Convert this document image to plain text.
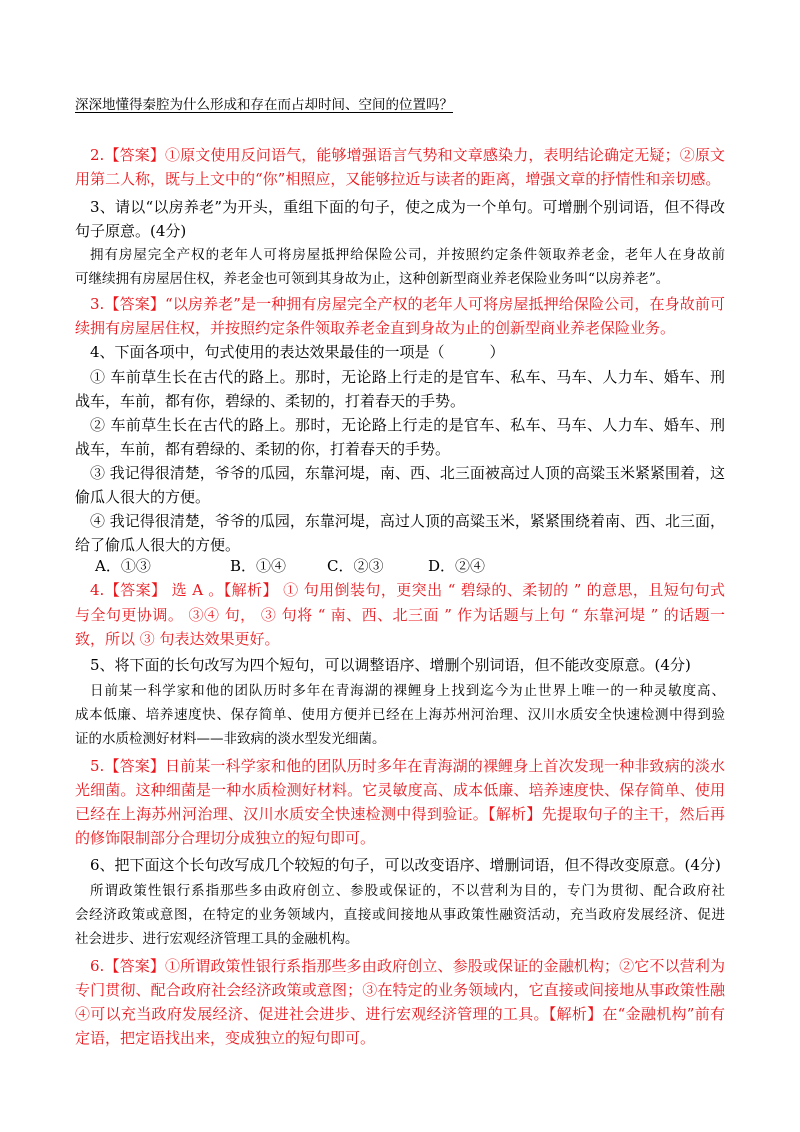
深深地懂得秦腔为什么形成和存在而占却时间、空间的位置吗？
2.【答案】①原文使用反问语气，能够增强语言气势和文章感染力，表明结论确定无疑；②原文
用第二人称，既与上文中的“你”相照应，又能够拉近与读者的距离，增强文章的抒情性和亲切感。
3、请以“以房养老”为开头，重组下面的句子，使之成为一个单句。可增删个别词语，但不得改
句子原意。(4分)
拥有房屋完全产权的老年人可将房屋抵押给保险公司，并按照约定条件领取养老金，老年人在身故前
可继续拥有房屋居住权，养老金也可领到其身故为止，这种创新型商业养老保险业务叫“以房养老”。
3.【答案】“以房养老”是一种拥有房屋完全产权的老年人可将房屋抵押给保险公司，在身故前可
续拥有房屋居住权，并按照约定条件领取养老金直到身故为止的创新型商业养老保险业务。
4、下面各项中，句式使用的表达效果最佳的一项是（　　　）
① 车前草生长在古代的路上。那时，无论路上行走的是官车、私车、马车、人力车、婚车、刑
战车，车前，都有你，碧绿的、柔韧的，打着春天的手势。
② 车前草生长在古代的路上。那时，无论路上行走的是官车、私车、马车、人力车、婚车、刑
战车，车前，都有碧绿的、柔韧的你，打着春天的手势。
③ 我记得很清楚，爷爷的瓜园，东靠河堤，南、西、北三面被高过人顶的高粱玉米紧紧围着，这
偷瓜人很大的方便。
④ 我记得很清楚，爷爷的瓜园，东靠河堤，高过人顶的高粱玉米，紧紧围绕着南、西、北三面，
给了偷瓜人很大的方便。
A．①③	B．①④	C．②③	D．②④
4.【答案】 选 A 。【解析】 ① 句用倒装句，更突出 “ 碧绿的、柔韧的 ” 的意思，且短句句式
与全句更协调。 ③④ 句， ③ 句将 “ 南、西、北三面 ” 作为话题与上句 “ 东靠河堤 ” 的话题一
致，所以 ③ 句表达效果更好。
5、将下面的长句改写为四个短句，可以调整语序、增删个别词语，但不能改变原意。(4分)
日前某一科学家和他的团队历时多年在青海湖的裸鲤身上找到迄今为止世界上唯一的一种灵敏度高、
成本低廉、培养速度快、保存简单、使用方便并已经在上海苏州河治理、汉川水质安全快速检测中得到验
证的水质检测好材料——非致病的淡水型发光细菌。
5.【答案】日前某一科学家和他的团队历时多年在青海湖的裸鲤身上首次发现一种非致病的淡水
光细菌。这种细菌是一种水质检测好材料。它灵敏度高、成本低廉、培养速度快、保存简单、使用
已经在上海苏州河治理、汉川水质安全快速检测中得到验证。【解析】先提取句子的主干，然后再
的修饰限制部分合理切分成独立的短句即可。
6、把下面这个长句改写成几个较短的句子，可以改变语序、增删词语，但不得改变原意。(4分)
所谓政策性银行系指那些多由政府创立、参股或保证的，不以营利为目的，专门为贯彻、配合政府社
会经济政策或意图，在特定的业务领域内，直接或间接地从事政策性融资活动，充当政府发展经济、促进
社会进步、进行宏观经济管理工具的金融机构。
6.【答案】①所谓政策性银行系指那些多由政府创立、参股或保证的金融机构；②它不以营利为
专门贯彻、配合政府社会经济政策或意图；③在特定的业务领域内，它直接或间接地从事政策性融
④可以充当政府发展经济、促进社会进步、进行宏观经济管理的工具。【解析】在“金融机构”前有
定语，把定语找出来，变成独立的短句即可。
